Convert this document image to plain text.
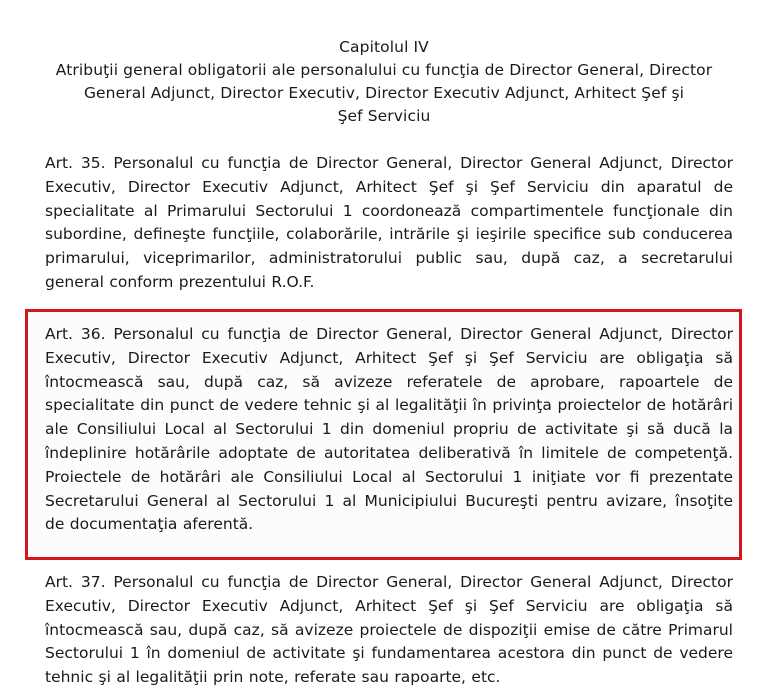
Capitolul IV
Atribuţii general obligatorii ale personalului cu funcţia de Director General, Director
General Adjunct, Director Executiv, Director Executiv Adjunct, Arhitect Şef şi
Şef Serviciu
Art. 35. Personalul cu funcţia de Director General, Director General Adjunct, Director
Executiv, Director Executiv Adjunct, Arhitect Şef şi Şef Serviciu din aparatul de
specialitate al Primarului Sectorului 1 coordonează compartimentele funcţionale din
subordine, defineşte funcţiile, colaborările, intrările şi ieşirile specifice sub conducerea
primarului, viceprimarilor, administratorului public sau, după caz, a secretarului
general conform prezentului R.O.F.
Art. 36. Personalul cu funcţia de Director General, Director General Adjunct, Director
Executiv, Director Executiv Adjunct, Arhitect Şef şi Şef Serviciu are obligaţia să
întocmească sau, după caz, să avizeze referatele de aprobare, rapoartele de
specialitate din punct de vedere tehnic şi al legalităţii în privinţa proiectelor de hotărâri
ale Consiliului Local al Sectorului 1 din domeniul propriu de activitate şi să ducă la
îndeplinire hotărârile adoptate de autoritatea deliberativă în limitele de competenţă.
Proiectele de hotărâri ale Consiliului Local al Sectorului 1 iniţiate vor fi prezentate
Secretarului General al Sectorului 1 al Municipiului Bucureşti pentru avizare, însoţite
de documentaţia aferentă.
Art. 37. Personalul cu funcţia de Director General, Director General Adjunct, Director
Executiv, Director Executiv Adjunct, Arhitect Şef şi Şef Serviciu are obligaţia să
întocmească sau, după caz, să avizeze proiectele de dispoziţii emise de către Primarul
Sectorului 1 în domeniul de activitate şi fundamentarea acestora din punct de vedere
tehnic şi al legalităţii prin note, referate sau rapoarte, etc.
